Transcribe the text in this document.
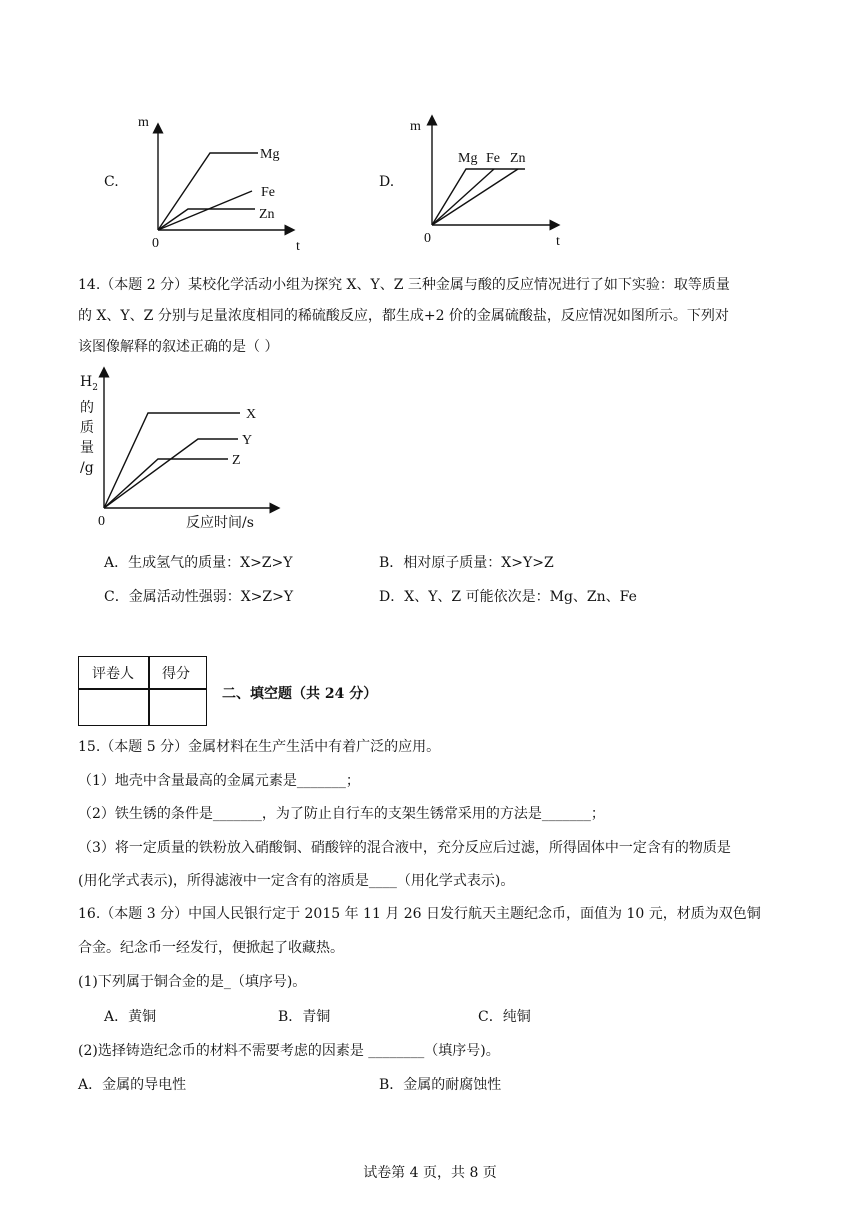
C.
m
t
0
Mg
Fe
Zn
D.
m
t
0
Mg Fe Zn
14.（本题 2 分）某校化学活动小组为探究 X、Y、Z 三种金属与酸的反应情况进行了如下实验：取等质量
的 X、Y、Z 分别与足量浓度相同的稀硫酸反应，都生成+2 价的金属硫酸盐，反应情况如图所示。下列对
该图像解释的叙述正确的是（ ）
X
Y
Z
0
$H_2$
的
质
量
/g
反应时间/s
A．生成氢气的质量：X>Z>Y	B．相对原子质量：X>Y>Z
C．金属活动性强弱：X>Z>Y	D．X、Y、Z 可能依次是：Mg、Zn、Fe
评卷人 得分
二、填空题（共 24 分）
15.（本题 5 分）金属材料在生产生活中有着广泛的应用。
（1）地壳中含量最高的金属元素是_______；
（2）铁生锈的条件是_______，为了防止自行车的支架生锈常采用的方法是_______；
（3）将一定质量的铁粉放入硝酸铜、硝酸锌的混合液中，充分反应后过滤，所得固体中一定含有的物质是
(用化学式表示)，所得滤液中一定含有的溶质是____（用化学式表示)。
16.（本题 3 分）中国人民银行定于 2015 年 11 月 26 日发行航天主题纪念币，面值为 10 元，材质为双色铜
合金。纪念币一经发行，便掀起了收藏热。
(1)下列属于铜合金的是_（填序号)。
A．黄铜	B．青铜	C．纯铜
(2)选择铸造纪念币的材料不需要考虑的因素是 ________（填序号)。
A．金属的导电性	B．金属的耐腐蚀性
试卷第 4 页，共 8 页
